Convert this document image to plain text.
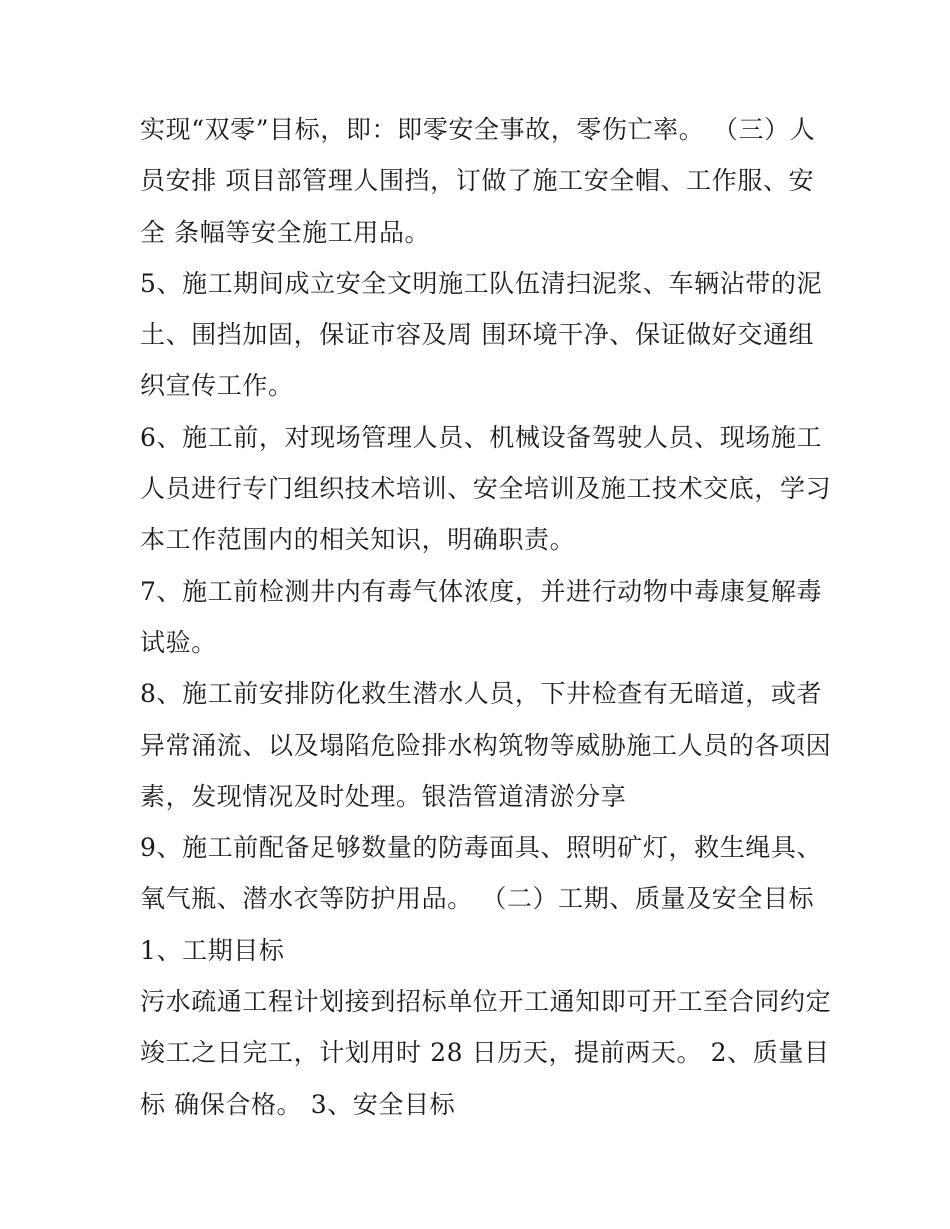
实现“双零”目标，即：即零安全事故，零伤亡率。 （三）人
员安排 项目部管理人围挡，订做了施工安全帽、工作服、安
全 条幅等安全施工用品。
5、施工期间成立安全文明施工队伍清扫泥浆、车辆沾带的泥
土、围挡加固，保证市容及周 围环境干净、保证做好交通组
织宣传工作。
6、施工前，对现场管理人员、机械设备驾驶人员、现场施工
人员进行专门组织技术培训、安全培训及施工技术交底，学习
本工作范围内的相关知识，明确职责。
7、施工前检测井内有毒气体浓度，并进行动物中毒康复解毒
试验。
8、施工前安排防化救生潜水人员，下井检查有无暗道，或者
异常涌流、以及塌陷危险排水构筑物等威胁施工人员的各项因
素，发现情况及时处理。银浩管道清淤分享
9、施工前配备足够数量的防毒面具、照明矿灯，救生绳具、
氧气瓶、潜水衣等防护用品。 （二）工期、质量及安全目标
1、工期目标
污水疏通工程计划接到招标单位开工通知即可开工至合同约定
竣工之日完工，计划用时 28 日历天，提前两天。 2、质量目
标 确保合格。 3、安全目标
